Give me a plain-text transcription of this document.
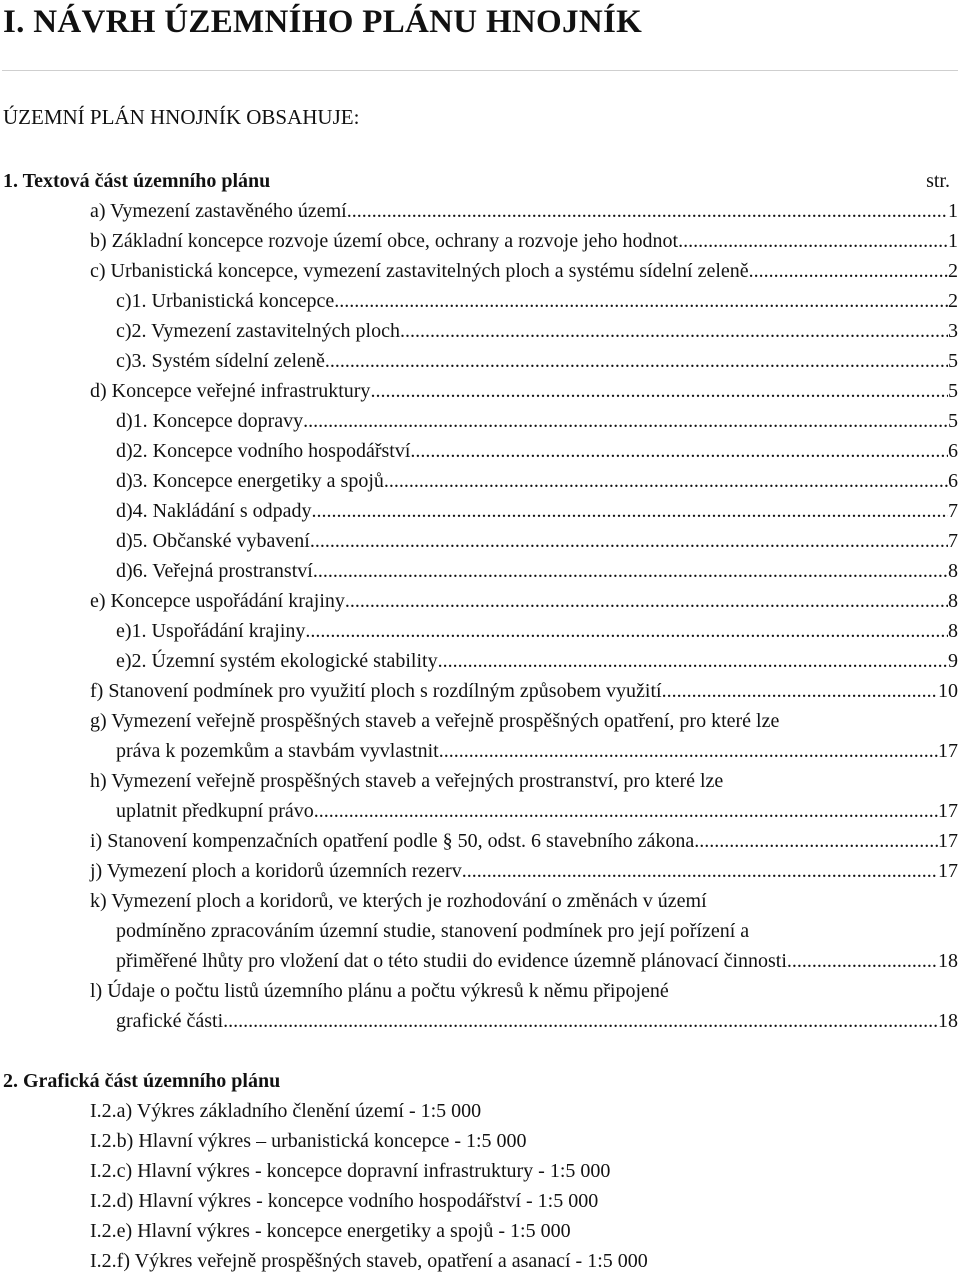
I. NÁVRH ÚZEMNÍHO PLÁNU HNOJNÍK
ÚZEMNÍ PLÁN HNOJNÍK OBSAHUJE:
1. Textová část územního plánu	str.
a) Vymezení zastavěného území .....	1
b) Základní koncepce rozvoje území obce, ochrany a rozvoje jeho hodnot .....	1
c) Urbanistická koncepce, vymezení zastavitelných ploch a systému sídelní zeleně .....	2
c)1. Urbanistická koncepce .....	2
c)2. Vymezení zastavitelných ploch .....	3
c)3. Systém sídelní zeleně .....	5
d) Koncepce veřejné infrastruktury .....	5
d)1. Koncepce dopravy .....	5
d)2. Koncepce vodního hospodářství .....	6
d)3. Koncepce energetiky a spojů .....	6
d)4. Nakládání s odpady .....	7
d)5. Občanské vybavení .....	7
d)6. Veřejná prostranství .....	8
e) Koncepce uspořádání krajiny .....	8
e)1. Uspořádání krajiny .....	8
e)2. Územní systém ekologické stability .....	9
f) Stanovení podmínek pro využití ploch s rozdílným způsobem využití .....	10
g) Vymezení veřejně prospěšných staveb a veřejně prospěšných opatření, pro které lze
práva k pozemkům a stavbám vyvlastnit .....	17
h) Vymezení veřejně prospěšných staveb a veřejných prostranství, pro které lze
uplatnit předkupní právo .....	17
i) Stanovení kompenzačních opatření podle § 50, odst. 6 stavebního zákona .....	17
j) Vymezení ploch a koridorů územních rezerv .....	17
k) Vymezení ploch a koridorů, ve kterých je rozhodování o změnách v území
podmíněno zpracováním územní studie, stanovení podmínek pro její pořízení a
přiměřené lhůty pro vložení dat o této studii do evidence územně plánovací činnosti .....	18
l) Údaje o počtu listů územního plánu a počtu výkresů k němu připojené
grafické části .....	18
2. Grafická část územního plánu
I.2.a) Výkres základního členění území - 1:5 000
I.2.b) Hlavní výkres – urbanistická koncepce - 1:5 000
I.2.c) Hlavní výkres - koncepce dopravní infrastruktury - 1:5 000
I.2.d) Hlavní výkres - koncepce vodního hospodářství - 1:5 000
I.2.e) Hlavní výkres - koncepce energetiky a spojů - 1:5 000
I.2.f) Výkres veřejně prospěšných staveb, opatření a asanací - 1:5 000
